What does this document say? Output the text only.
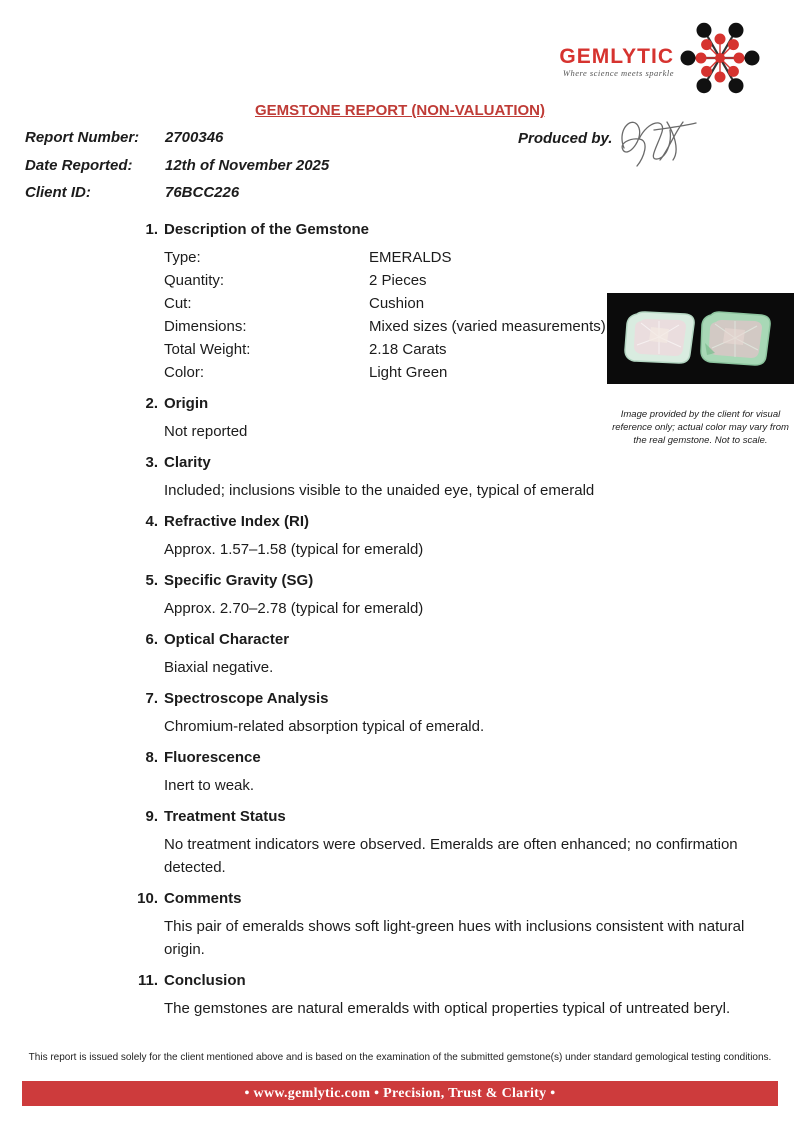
GEMLYTIC
Where science meets sparkle
GEMSTONE REPORT (NON-VALUATION)
Report Number:	2700346
Date Reported:	12th of November 2025
Client ID:	76BCC226
Produced by.
1. Description of the Gemstone
Type:	EMERALDS
Quantity:	2 Pieces
Cut:	Cushion
Dimensions:	Mixed sizes (varied measurements)
Total Weight:	2.18 Carats
Color:	Light Green
2. Origin
Not reported
3. Clarity
Included; inclusions visible to the unaided eye, typical of emerald
4. Refractive Index (RI)
Approx. 1.57–1.58 (typical for emerald)
5. Specific Gravity (SG)
Approx. 2.70–2.78 (typical for emerald)
6. Optical Character
Biaxial negative.
7. Spectroscope Analysis
Chromium-related absorption typical of emerald.
8. Fluorescence
Inert to weak.
9. Treatment Status
No treatment indicators were observed. Emeralds are often enhanced; no confirmation detected.
10. Comments
This pair of emeralds shows soft light-green hues with inclusions consistent with natural origin.
11. Conclusion
The gemstones are natural emeralds with optical properties typical of untreated beryl.
Image provided by the client for visual reference only; actual color may vary from the real gemstone. Not to scale.
This report is issued solely for the client mentioned above and is based on the examination of the submitted gemstone(s) under standard gemological testing conditions.
• www.gemlytic.com • Precision, Trust & Clarity •
